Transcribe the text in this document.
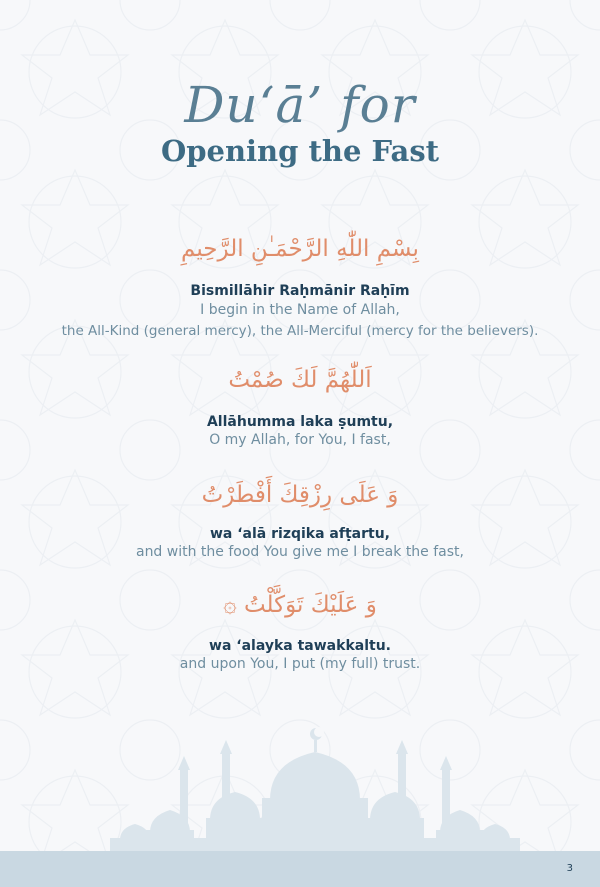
Du‘ā’ for
Opening the Fast
بِسْمِ اللّٰهِ الرَّحْمَـٰنِ الرَّحِيمِ
Bismillāhir Raḥmānir Raḥīm
I begin in the Name of Allah,
the All-Kind (general mercy), the All-Merciful (mercy for the believers).
اَللّٰهُمَّ لَكَ صُمْتُ
Allāhumma laka ṣumtu,
O my Allah, for You, I fast,
وَ عَلَى رِزْقِكَ أَفْطَرْتُ
wa ‘alā rizqika afṭartu,
and with the food You give me I break the fast,
وَ عَلَيْكَ تَوَكَّلْتُ ۞
wa ‘alayka tawakkaltu.
and upon You, I put (my full) trust.
3
